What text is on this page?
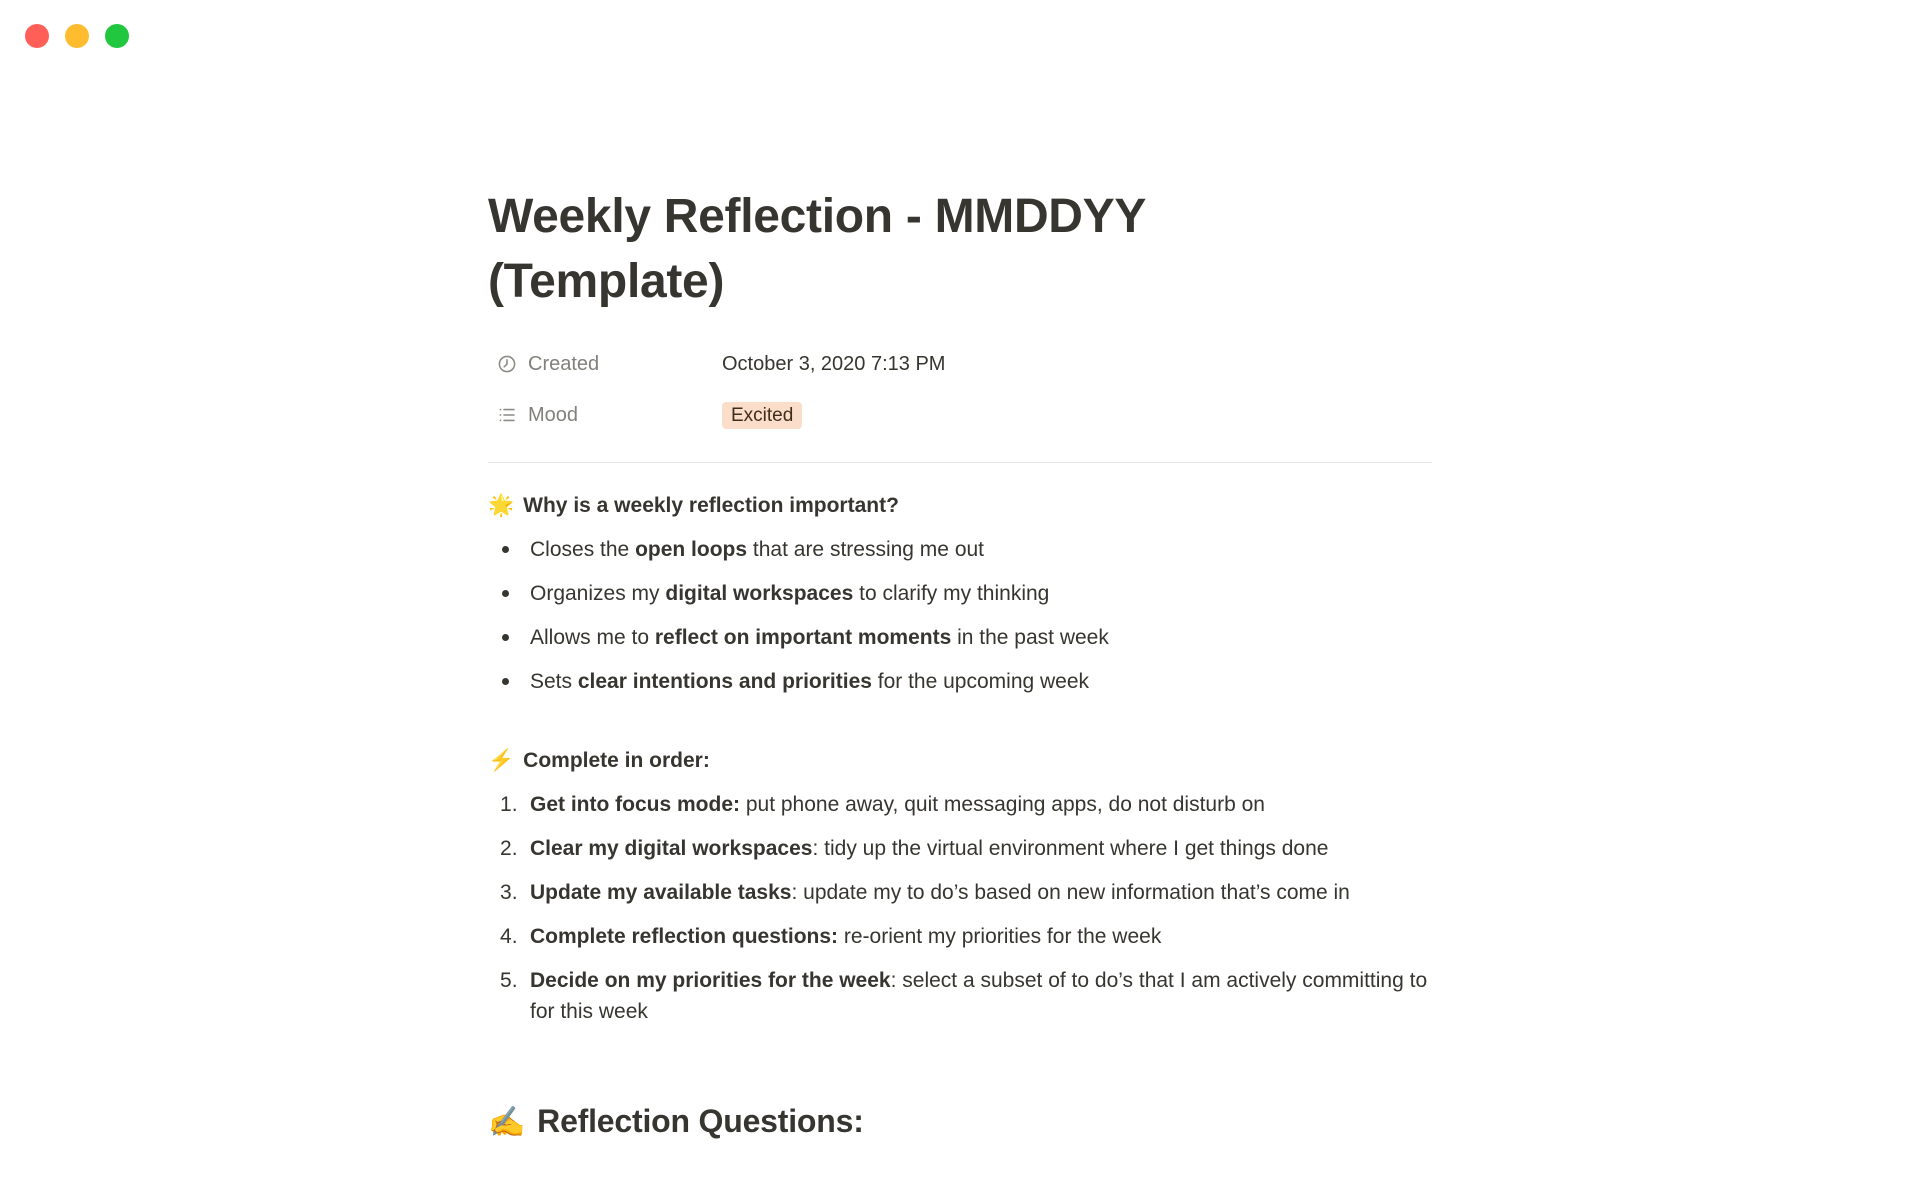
Weekly Reflection - MMDDYY (Template)
Created	October 3, 2020 7:13 PM
Mood	Excited
🌟 Why is a weekly reflection important?
Closes the open loops that are stressing me out
Organizes my digital workspaces to clarify my thinking
Allows me to reflect on important moments in the past week
Sets clear intentions and priorities for the upcoming week
⚡ Complete in order:
Get into focus mode: put phone away, quit messaging apps, do not disturb on
Clear my digital workspaces: tidy up the virtual environment where I get things done
Update my available tasks: update my to do’s based on new information that’s come in
Complete reflection questions: re-orient my priorities for the week
Decide on my priorities for the week: select a subset of to do’s that I am actively committing to for this week
✍️ Reflection Questions:
